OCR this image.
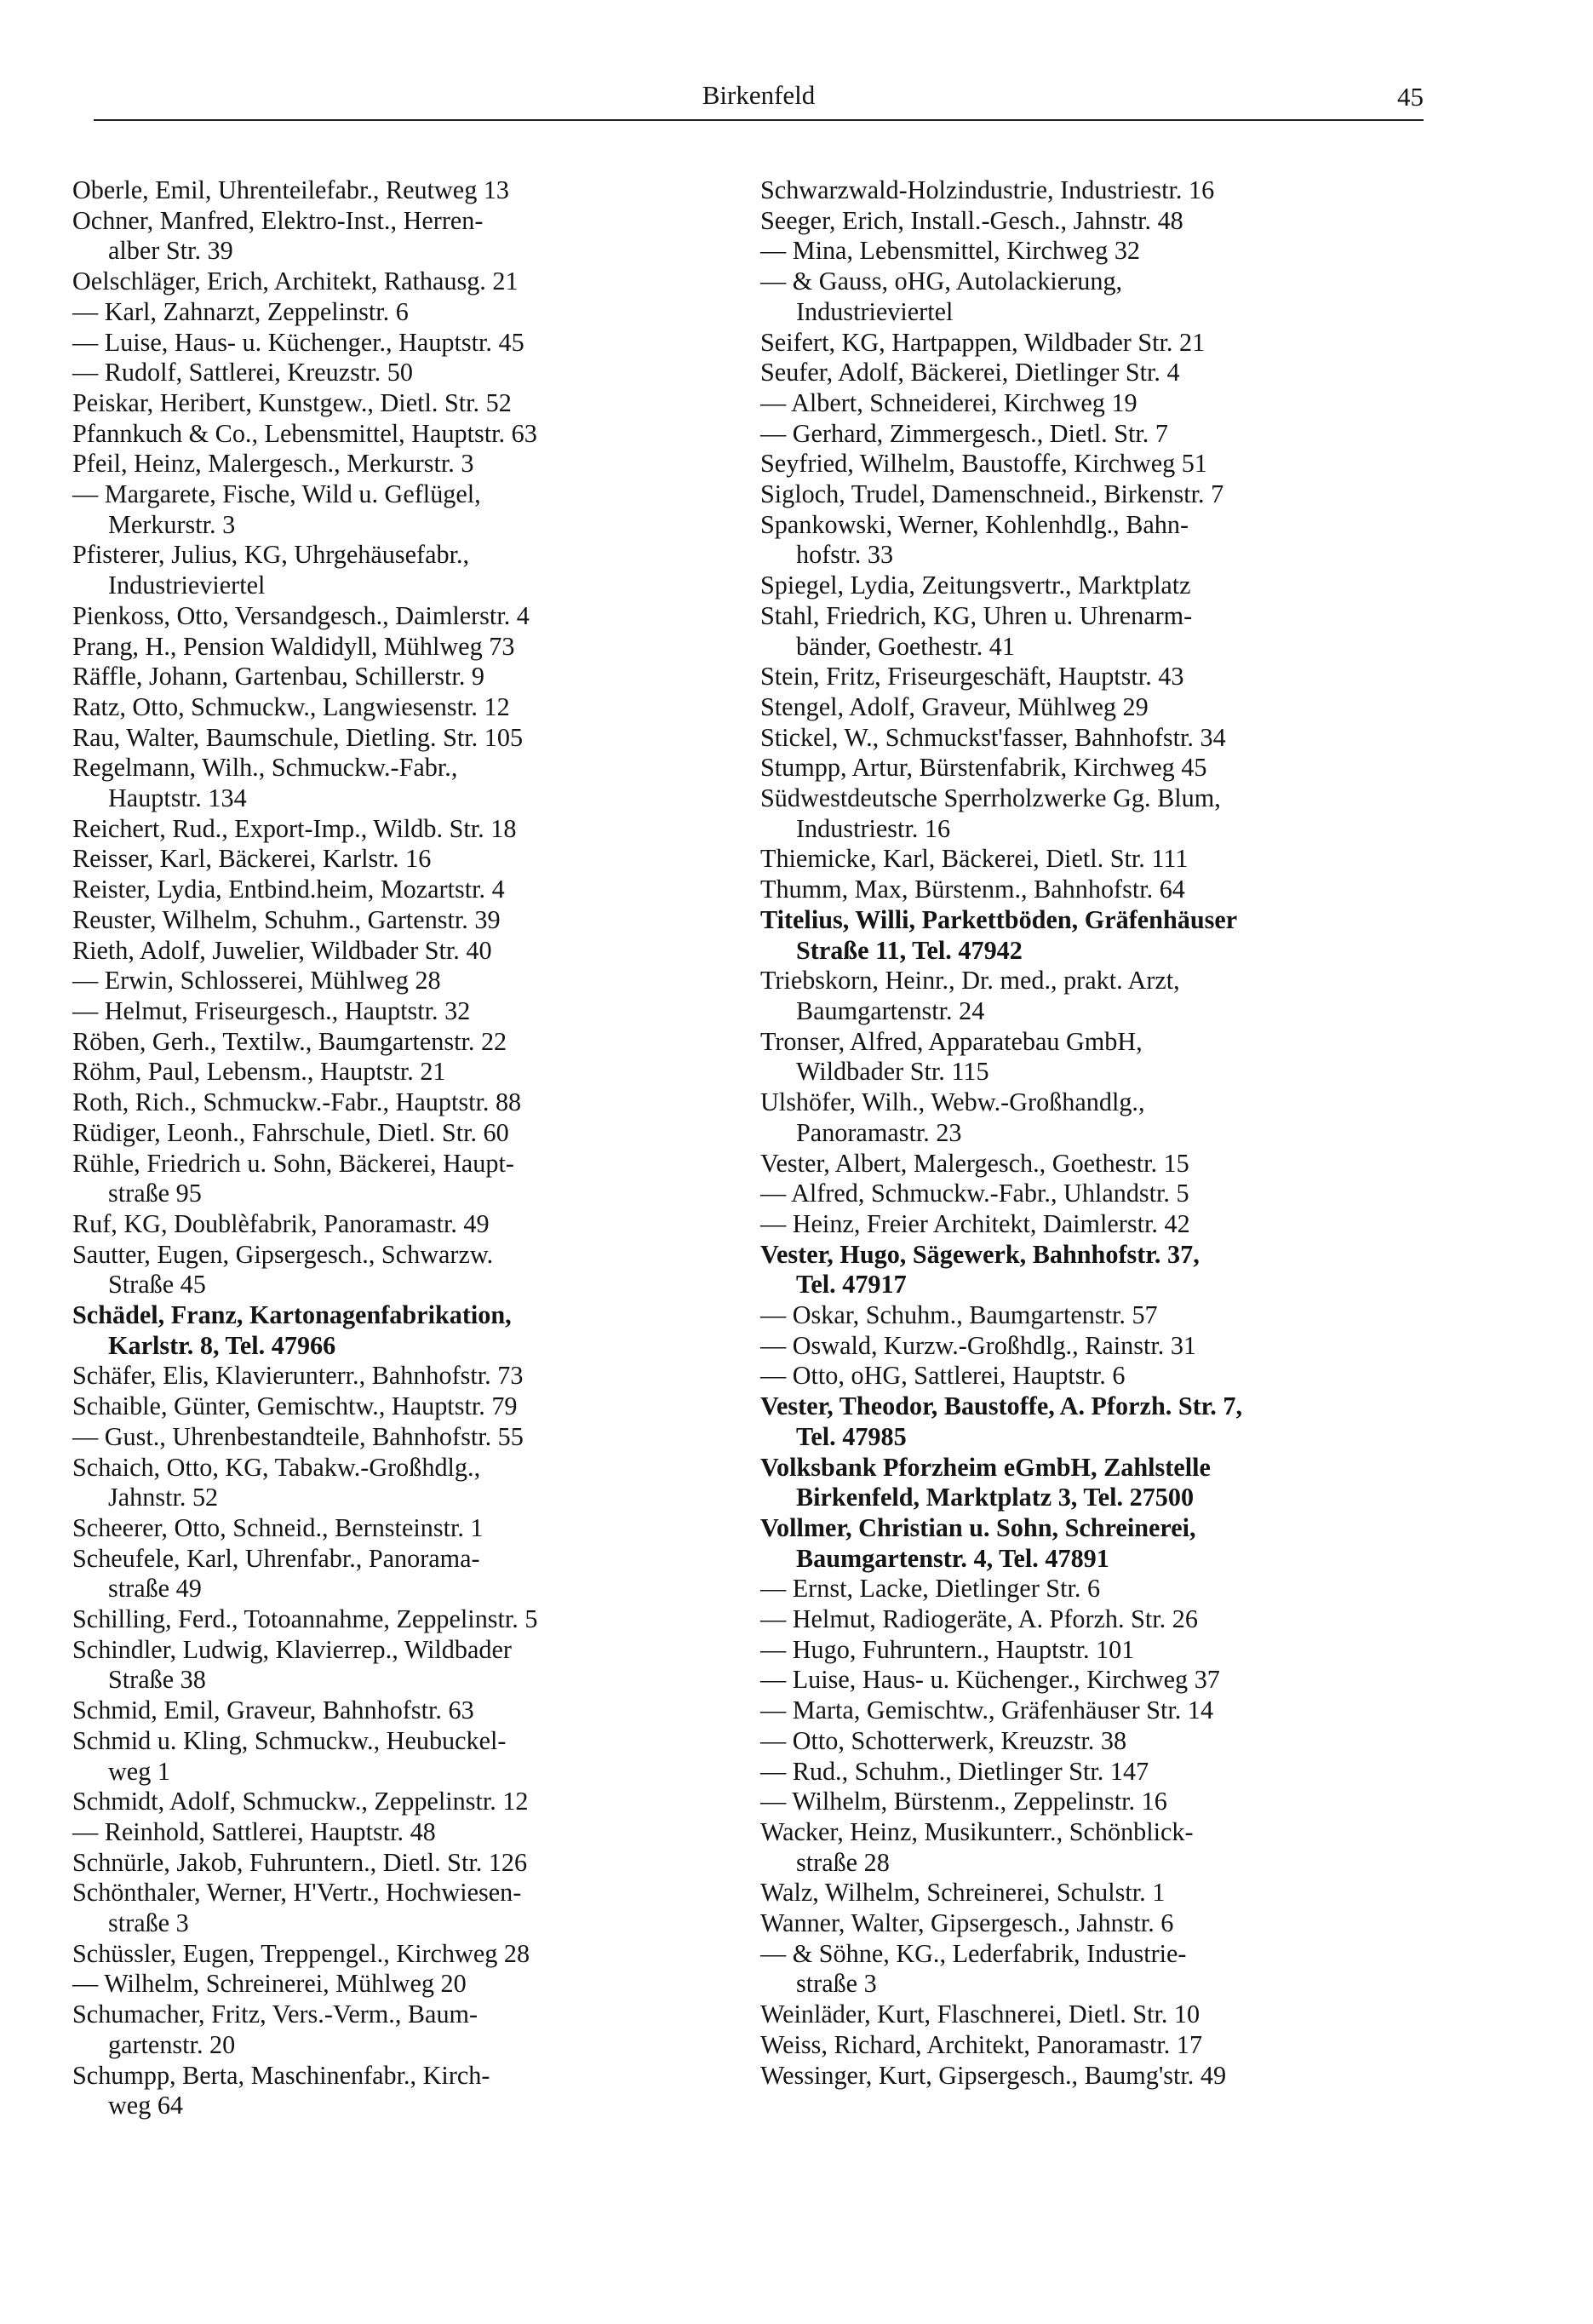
Birkenfeld	45
Oberle, Emil, Uhrenteilefabr., Reutweg 13
Ochner, Manfred, Elektro-Inst., Herren-
alber Str. 39
Oelschläger, Erich, Architekt, Rathausg. 21
— Karl, Zahnarzt, Zeppelinstr. 6
— Luise, Haus- u. Küchenger., Hauptstr. 45
— Rudolf, Sattlerei, Kreuzstr. 50
Peiskar, Heribert, Kunstgew., Dietl. Str. 52
Pfannkuch & Co., Lebensmittel, Hauptstr. 63
Pfeil, Heinz, Malergesch., Merkurstr. 3
— Margarete, Fische, Wild u. Geflügel,
Merkurstr. 3
Pfisterer, Julius, KG, Uhrgehäusefabr.,
Industrieviertel
Pienkoss, Otto, Versandgesch., Daimlerstr. 4
Prang, H., Pension Waldidyll, Mühlweg 73
Räffle, Johann, Gartenbau, Schillerstr. 9
Ratz, Otto, Schmuckw., Langwiesenstr. 12
Rau, Walter, Baumschule, Dietling. Str. 105
Regelmann, Wilh., Schmuckw.-Fabr.,
Hauptstr. 134
Reichert, Rud., Export-Imp., Wildb. Str. 18
Reisser, Karl, Bäckerei, Karlstr. 16
Reister, Lydia, Entbind.heim, Mozartstr. 4
Reuster, Wilhelm, Schuhm., Gartenstr. 39
Rieth, Adolf, Juwelier, Wildbader Str. 40
— Erwin, Schlosserei, Mühlweg 28
— Helmut, Friseurgesch., Hauptstr. 32
Röben, Gerh., Textilw., Baumgartenstr. 22
Röhm, Paul, Lebensm., Hauptstr. 21
Roth, Rich., Schmuckw.-Fabr., Hauptstr. 88
Rüdiger, Leonh., Fahrschule, Dietl. Str. 60
Rühle, Friedrich u. Sohn, Bäckerei, Haupt-
straße 95
Ruf, KG, Doublèfabrik, Panoramastr. 49
Sautter, Eugen, Gipsergesch., Schwarzw.
Straße 45
Schädel, Franz, Kartonagenfabrikation,
Karlstr. 8, Tel. 47966
Schäfer, Elis, Klavierunterr., Bahnhofstr. 73
Schaible, Günter, Gemischtw., Hauptstr. 79
— Gust., Uhrenbestandteile, Bahnhofstr. 55
Schaich, Otto, KG, Tabakw.-Großhdlg.,
Jahnstr. 52
Scheerer, Otto, Schneid., Bernsteinstr. 1
Scheufele, Karl, Uhrenfabr., Panorama-
straße 49
Schilling, Ferd., Totoannahme, Zeppelinstr. 5
Schindler, Ludwig, Klavierrep., Wildbader
Straße 38
Schmid, Emil, Graveur, Bahnhofstr. 63
Schmid u. Kling, Schmuckw., Heubuckel-
weg 1
Schmidt, Adolf, Schmuckw., Zeppelinstr. 12
— Reinhold, Sattlerei, Hauptstr. 48
Schnürle, Jakob, Fuhruntern., Dietl. Str. 126
Schönthaler, Werner, H'Vertr., Hochwiesen-
straße 3
Schüssler, Eugen, Treppengel., Kirchweg 28
— Wilhelm, Schreinerei, Mühlweg 20
Schumacher, Fritz, Vers.-Verm., Baum-
gartenstr. 20
Schumpp, Berta, Maschinenfabr., Kirch-
weg 64
Schwarzwald-Holzindustrie, Industriestr. 16
Seeger, Erich, Install.-Gesch., Jahnstr. 48
— Mina, Lebensmittel, Kirchweg 32
— & Gauss, oHG, Autolackierung,
Industrieviertel
Seifert, KG, Hartpappen, Wildbader Str. 21
Seufer, Adolf, Bäckerei, Dietlinger Str. 4
— Albert, Schneiderei, Kirchweg 19
— Gerhard, Zimmergesch., Dietl. Str. 7
Seyfried, Wilhelm, Baustoffe, Kirchweg 51
Sigloch, Trudel, Damenschneid., Birkenstr. 7
Spankowski, Werner, Kohlenhdlg., Bahn-
hofstr. 33
Spiegel, Lydia, Zeitungsvertr., Marktplatz
Stahl, Friedrich, KG, Uhren u. Uhrenarm-
bänder, Goethestr. 41
Stein, Fritz, Friseurgeschäft, Hauptstr. 43
Stengel, Adolf, Graveur, Mühlweg 29
Stickel, W., Schmuckst'fasser, Bahnhofstr. 34
Stumpp, Artur, Bürstenfabrik, Kirchweg 45
Südwestdeutsche Sperrholzwerke Gg. Blum,
Industriestr. 16
Thiemicke, Karl, Bäckerei, Dietl. Str. 111
Thumm, Max, Bürstenm., Bahnhofstr. 64
Titelius, Willi, Parkettböden, Gräfenhäuser
Straße 11, Tel. 47942
Triebskorn, Heinr., Dr. med., prakt. Arzt,
Baumgartenstr. 24
Tronser, Alfred, Apparatebau GmbH,
Wildbader Str. 115
Ulshöfer, Wilh., Webw.-Großhandlg.,
Panoramastr. 23
Vester, Albert, Malergesch., Goethestr. 15
— Alfred, Schmuckw.-Fabr., Uhlandstr. 5
— Heinz, Freier Architekt, Daimlerstr. 42
Vester, Hugo, Sägewerk, Bahnhofstr. 37,
Tel. 47917
— Oskar, Schuhm., Baumgartenstr. 57
— Oswald, Kurzw.-Großhdlg., Rainstr. 31
— Otto, oHG, Sattlerei, Hauptstr. 6
Vester, Theodor, Baustoffe, A. Pforzh. Str. 7,
Tel. 47985
Volksbank Pforzheim eGmbH, Zahlstelle
Birkenfeld, Marktplatz 3, Tel. 27500
Vollmer, Christian u. Sohn, Schreinerei,
Baumgartenstr. 4, Tel. 47891
— Ernst, Lacke, Dietlinger Str. 6
— Helmut, Radiogeräte, A. Pforzh. Str. 26
— Hugo, Fuhruntern., Hauptstr. 101
— Luise, Haus- u. Küchenger., Kirchweg 37
— Marta, Gemischtw., Gräfenhäuser Str. 14
— Otto, Schotterwerk, Kreuzstr. 38
— Rud., Schuhm., Dietlinger Str. 147
— Wilhelm, Bürstenm., Zeppelinstr. 16
Wacker, Heinz, Musikunterr., Schönblick-
straße 28
Walz, Wilhelm, Schreinerei, Schulstr. 1
Wanner, Walter, Gipsergesch., Jahnstr. 6
— & Söhne, KG., Lederfabrik, Industrie-
straße 3
Weinläder, Kurt, Flaschnerei, Dietl. Str. 10
Weiss, Richard, Architekt, Panoramastr. 17
Wessinger, Kurt, Gipsergesch., Baumg'str. 49
